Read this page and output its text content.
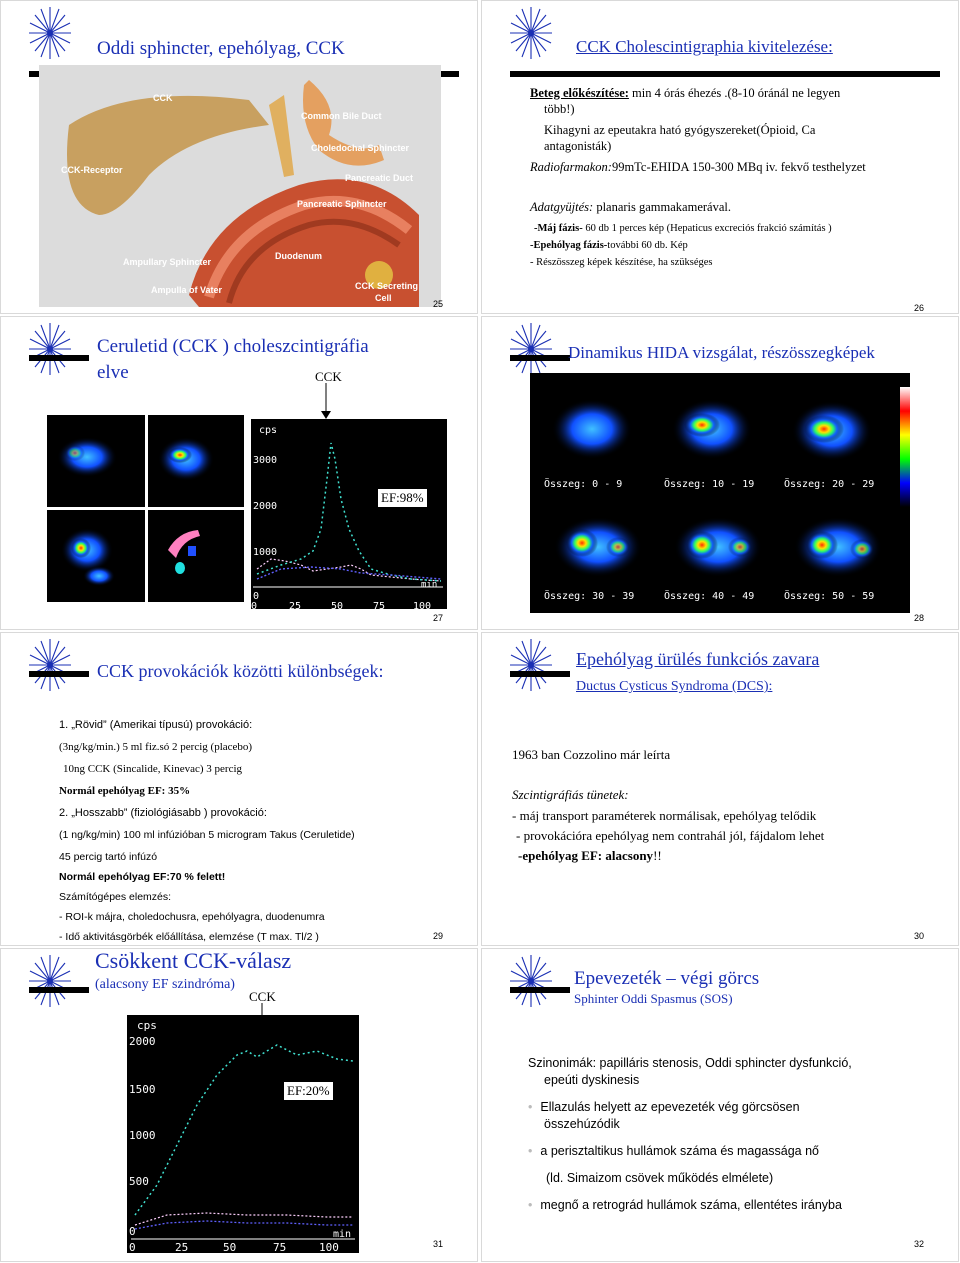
Oddi sphincter, epehólyag, CCK
CCK
Common Bile Duct
Choledochal Sphincter
CCK-Receptor
Pancreatic Duct
Pancreatic Sphincter
Duodenum
Ampullary Sphincter
Ampulla of Vater	CCK Secreting
Cell
25
CCK Cholescintigraphia kivitelezése:
Beteg előkészítése: min 4 órás éhezés .(8-10 óránál ne legyen
több!)
Kihagyni az epeutakra ható gyógyszereket(Ópioid, Ca
antagonisták)
Radiofarmakon:99mTc-EHIDA 150-300 MBq iv. fekvő testhelyzet
Adatgyüjtés: planaris gammakamerával.
-Máj fázis- 60 db 1 perces kép (Hepaticus excreciós frakció számítás )
-Epehólyag fázis-további 60 db. Kép
- Részösszeg képek készítése, ha szükséges
26
Ceruletid (CCK ) choleszcintigráfia
elve	CCK
cps
3000
2000
1000
0
0	25	50	75	100
min
EF:98%
27
Dinamikus HIDA vizsgálat, részösszegképek
Összeg: 0 - 9	Összeg: 10 - 19	Összeg: 20 - 29
Összeg: 30 - 39	Összeg: 40 - 49	Összeg: 50 - 59
28
CCK provokációk közötti különbségek:
1. „Rövid” (Amerikai típusú) provokáció:
(3ng/kg/min.) 5 ml fiz.só 2 percig (placebo)
10ng CCK (Sincalide, Kinevac) 3 percig
Normál epehólyag EF: 35%
2. „Hosszabb” (fiziológiásabb ) provokáció:
(1 ng/kg/min) 100 ml infúzióban 5 microgram Takus (Ceruletide)
45 percig tartó infúzó
Normál epehólyag EF:70 % felett!
Számítógépes elemzés:
- ROI-k májra, choledochusra, epehólyagra, duodenumra
- Idő aktivitásgörbék előállítása, elemzése (T max. Tl/2 )	29
Epehólyag ürülés funkciós zavara
Ductus Cysticus Syndroma (DCS):
1963 ban Cozzolino már leírta
Szcintigráfiás tünetek:
- máj transport paraméterek normálisak, epehólyag telődik
- provokációra epehólyag nem contrahál jól, fájdalom lehet
-epehólyag EF: alacsony!!
30
Csökkent CCK-válasz
(alacsony EF szindróma)
CCK
cps
2000
1500
1000
500
0
0	25	50	75	100
min
EF:20%
31
Epevezeték – végi görcs
Sphinter Oddi Spasmus (SOS)
Szinonimák: papilláris stenosis, Oddi sphincter dysfunkció,
epeúti dyskinesis
• Ellazulás helyett az epevezeték vég görcsösen
összehúzódik
• a perisztaltikus hullámok száma és magassága nő
(ld. Simaizom csövek működés elmélete)
• megnő a retrográd hullámok száma, ellentétes irányba
32
